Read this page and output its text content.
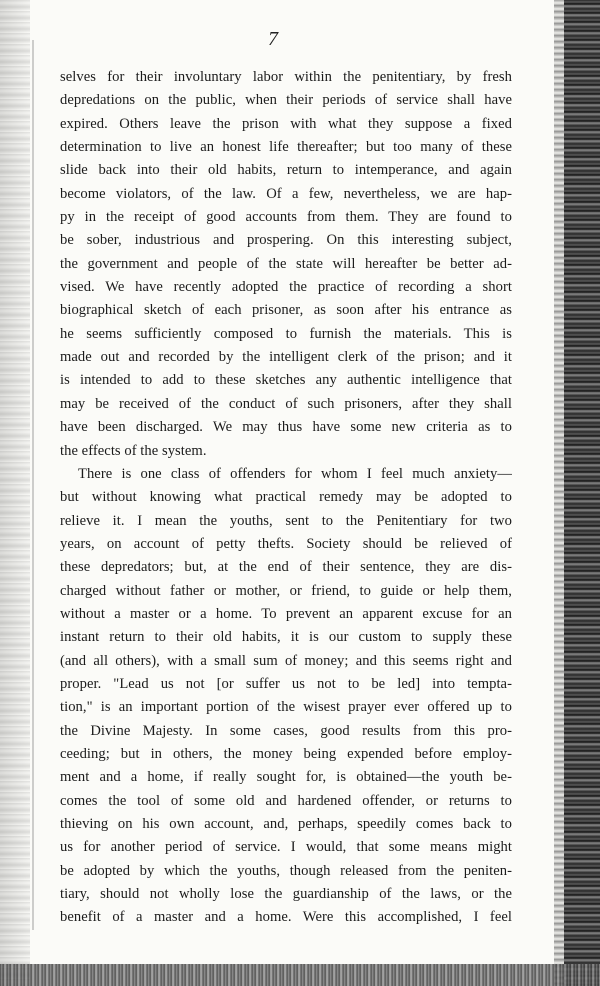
7
selves for their involuntary labor within the penitentiary, by fresh
depredations on the public, when their periods of service shall have
expired. Others leave the prison with what they suppose a fixed
determination to live an honest life thereafter; but too many of these
slide back into their old habits, return to intemperance, and again
become violators, of the law. Of a few, nevertheless, we are hap-
py in the receipt of good accounts from them. They are found to
be sober, industrious and prospering. On this interesting subject,
the government and people of the state will hereafter be better ad-
vised. We have recently adopted the practice of recording a short
biographical sketch of each prisoner, as soon after his entrance as
he seems sufficiently composed to furnish the materials. This is
made out and recorded by the intelligent clerk of the prison; and it
is intended to add to these sketches any authentic intelligence that
may be received of the conduct of such prisoners, after they shall
have been discharged. We may thus have some new criteria as to
the effects of the system.
There is one class of offenders for whom I feel much anxiety—
but without knowing what practical remedy may be adopted to
relieve it. I mean the youths, sent to the Penitentiary for two
years, on account of petty thefts. Society should be relieved of
these depredators; but, at the end of their sentence, they are dis-
charged without father or mother, or friend, to guide or help them,
without a master or a home. To prevent an apparent excuse for an
instant return to their old habits, it is our custom to supply these
(and all others), with a small sum of money; and this seems right and
proper. "Lead us not [or suffer us not to be led] into tempta-
tion," is an important portion of the wisest prayer ever offered up to
the Divine Majesty. In some cases, good results from this pro-
ceeding; but in others, the money being expended before employ-
ment and a home, if really sought for, is obtained—the youth be-
comes the tool of some old and hardened offender, or returns to
thieving on his own account, and, perhaps, speedily comes back to
us for another period of service. I would, that some means might
be adopted by which the youths, though released from the peniten-
tiary, should not wholly lose the guardianship of the laws, or the
benefit of a master and a home. Were this accomplished, I feel
